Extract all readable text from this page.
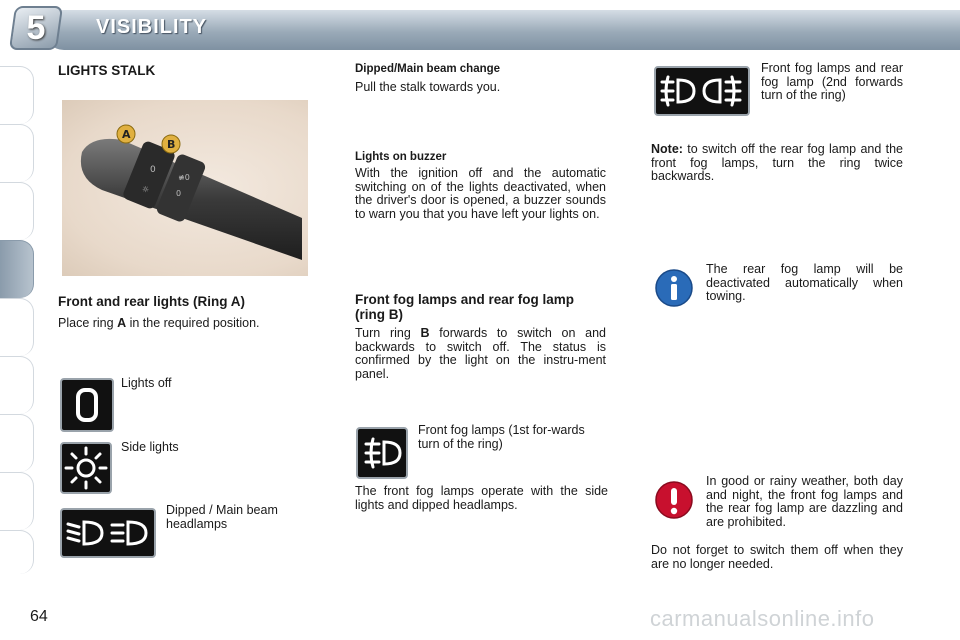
5	VISIBILITY
LIGHTS STALK
0
☼
≢0
0
A
B
Front and rear lights (Ring A)
Place ring A in the required position.
Lights off
Side lights
Dipped / Main beam headlamps
Dipped/Main beam change
Pull the stalk towards you.
Lights on buzzer
With the ignition off and the automatic switching on of the lights deactivated, when the driver's door is opened, a buzzer sounds to warn you that you have left your lights on.
Front fog lamps and rear fog lamp (ring B)
Turn ring B forwards to switch on and backwards to switch off. The status is confirmed by the light on the instru-ment panel.
Front fog lamps (1st for-wards turn of the ring)
The front fog lamps operate with the side lights and dipped headlamps.
Front fog lamps and rear fog lamp (2nd forwards turn of the ring)
Note: to switch off the rear fog lamp and the front fog lamps, turn the ring twice backwards.
The rear fog lamp will be deactivated automatically when towing.
In good or rainy weather, both day and night, the front fog lamps and the rear fog lamp are dazzling and are prohibited.
Do not forget to switch them off when they are no longer needed.
64	carmanualsonline.info
